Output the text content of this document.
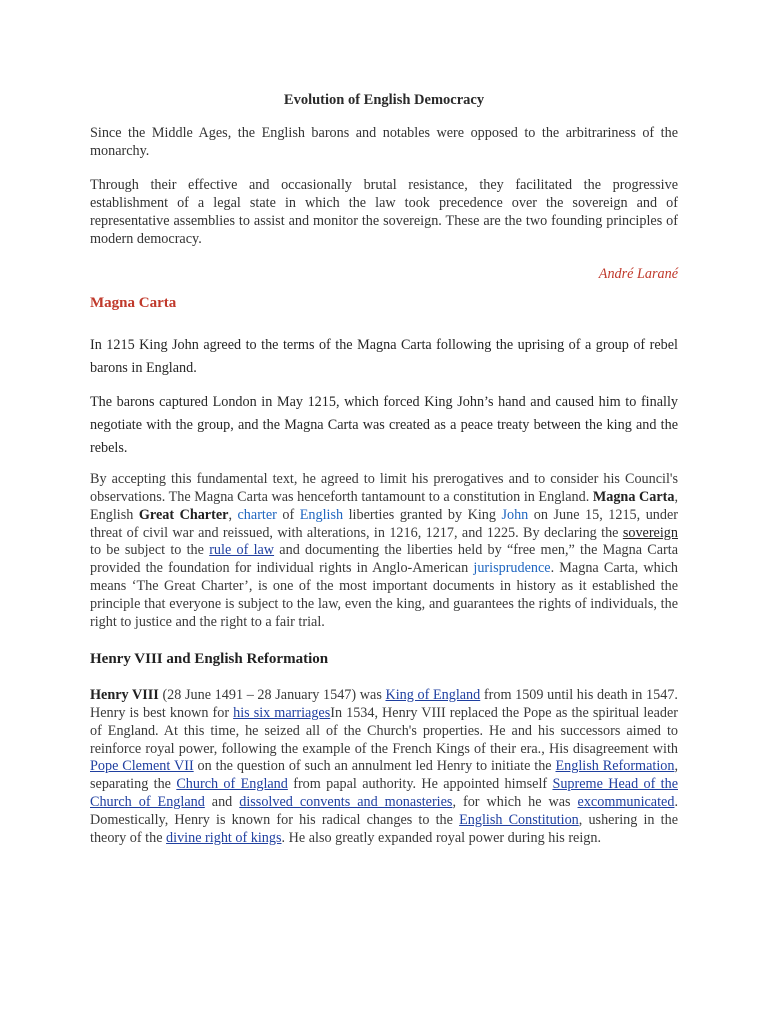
Evolution of English Democracy

Since the Middle Ages, the English barons and notables were opposed to the arbitrariness of the monarchy.

Through their effective and occasionally brutal resistance, they facilitated the progressive establishment of a legal state in which the law took precedence over the sovereign and of representative assemblies to assist and monitor the sovereign. These are the two founding principles of modern democracy.

André Larané
Magna Carta

In 1215 King John agreed to the terms of the Magna Carta following the uprising of a group of rebel barons in England.

The barons captured London in May 1215, which forced King John’s hand and caused him to finally negotiate with the group, and the Magna Carta was created as a peace treaty between the king and the rebels.

By accepting this fundamental text, he agreed to limit his prerogatives and to consider his Council's observations. The Magna Carta was henceforth tantamount to a constitution in England. Magna Carta, English Great Charter, charter of English liberties granted by King John on June 15, 1215, under threat of civil war and reissued, with alterations, in 1216, 1217, and 1225. By declaring the sovereign to be subject to the rule of law and documenting the liberties held by “free men,” the Magna Carta provided the foundation for individual rights in Anglo-American jurisprudence. Magna Carta, which means ‘The Great Charter’, is one of the most important documents in history as it established the principle that everyone is subject to the law, even the king, and guarantees the rights of individuals, the right to justice and the right to a fair trial.

Henry VIII and English Reformation

Henry VIII (28 June 1491 – 28 January 1547) was King of England from 1509 until his death in 1547. Henry is best known for his six marriagesIn 1534, Henry VIII replaced the Pope as the spiritual leader of England. At this time, he seized all of the Church's properties. He and his successors aimed to reinforce royal power, following the example of the French Kings of their era., His disagreement with Pope Clement VII on the question of such an annulment led Henry to initiate the English Reformation, separating the Church of England from papal authority. He appointed himself Supreme Head of the Church of England and dissolved convents and monasteries, for which he was excommunicated. Domestically, Henry is known for his radical changes to the English Constitution, ushering in the theory of the divine right of kings. He also greatly expanded royal power during his reign.
